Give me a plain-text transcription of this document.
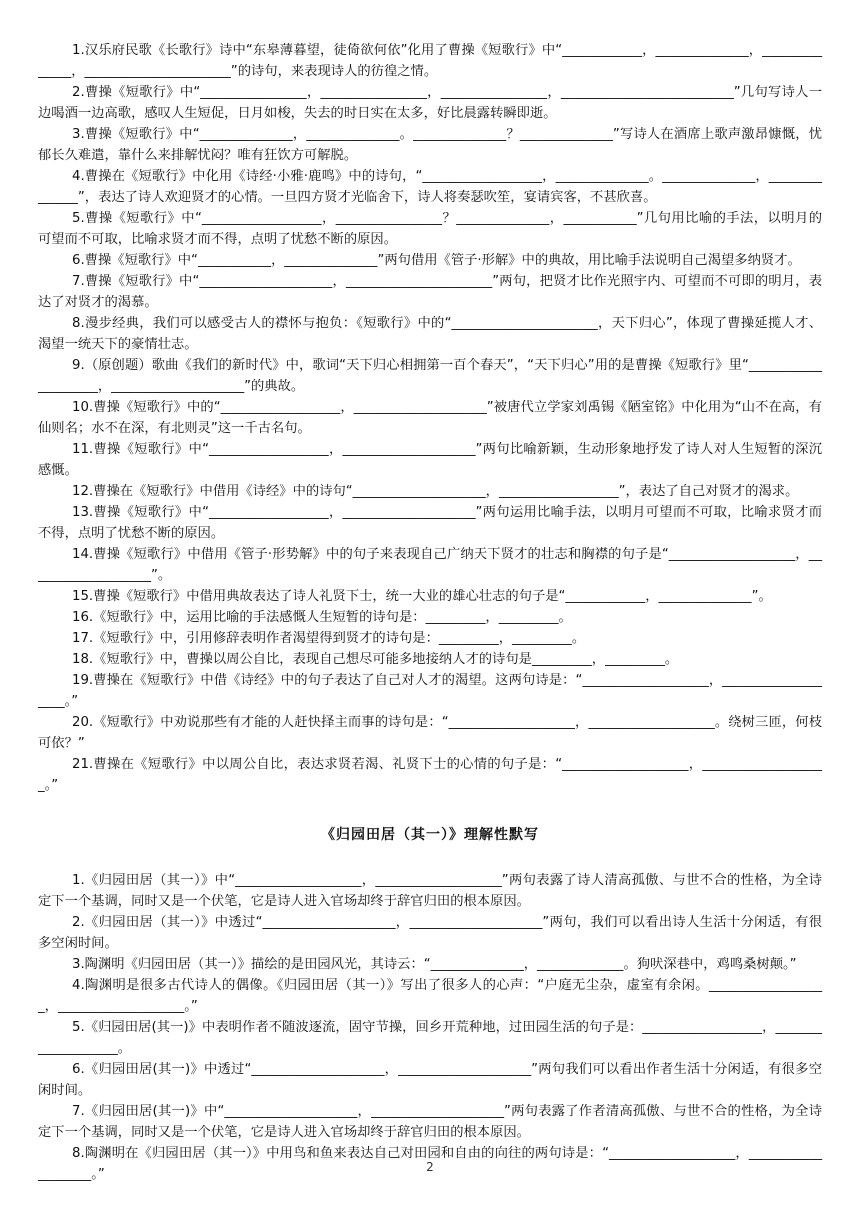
1.汉乐府民歌《长歌行》诗中“东皋薄暮望，徒倚欲何依”化用了曹操《短歌行》中“____________，______________，______________，______________________”的诗句，来表现诗人的彷徨之情。

2.曹操《短歌行》中“________________，________________，________________，__________________________”几句写诗人一边喝酒一边高歌，感叹人生短促，日月如梭，失去的时日实在太多，好比晨露转瞬即逝。

3.曹操《短歌行》中“______________，______________。______________？______________”写诗人在酒席上歌声激昂慷慨，忧郁长久难遣，靠什么来排解忧闷？唯有狂饮方可解脱。

4.曹操在《短歌行》中化用《诗经·小雅·鹿鸣》中的诗句，“__________________，______________。______________，______________”，表达了诗人欢迎贤才的心情。一旦四方贤才光临舍下，诗人将奏瑟吹笙，宴请宾客，不甚欣喜。

5.曹操《短歌行》中“__________________，________________？______________，___________”几句用比喻的手法，以明月的可望而不可取，比喻求贤才而不得，点明了忧愁不断的原因。

6.曹操《短歌行》中“___________，______________”两句借用《管子·形解》中的典故，用比喻手法说明自己渴望多纳贤才。

7.曹操《短歌行》中“____________________，______________________”两句，把贤才比作光照宇内、可望而不可即的明月，表达了对贤才的渴慕。

8.漫步经典，我们可以感受古人的襟怀与抱负：《短歌行》中的“______________________，天下归心”，体现了曹操延揽人才、渴望一统天下的豪情壮志。

9.（原创题）歌曲《我们的新时代》中，歌词“天下归心相拥第一百个春天”，“天下归心”用的是曹操《短歌行》里“____________________，____________________”的典故。

10.曹操《短歌行》中的“__________________，____________________”被唐代立学家刘禹锡《陋室铭》中化用为“山不在高，有仙则名；水不在深，有北则灵”这一千古名句。

11.曹操《短歌行》中“__________________，____________________”两句比喻新颖，生动形象地抒发了诗人对人生短暂的深沉感慨。

12.曹操在《短歌行》中借用《诗经》中的诗句“____________________，__________________”，表达了自己对贤才的渴求。

13.曹操《短歌行》中“__________________，____________________”两句运用比喻手法，以明月可望而不可取，比喻求贤才而不得，点明了忧愁不断的原因。

14.曹操《短歌行》中借用《管子·形势解》中的句子来表现自己广纳天下贤才的壮志和胸襟的句子是“___________________，___________________”。

15.曹操《短歌行》中借用典故表达了诗人礼贤下士，统一大业的雄心壮志的句子是“____________，______________”。

16.《短歌行》中，运用比喻的手法感慨人生短暂的诗句是：_________，_________。

17.《短歌行》中，引用修辞表明作者渴望得到贤才的诗句是：_________，_________。

18.《短歌行》中，曹操以周公自比，表现自己想尽可能多地接纳人才的诗句是_________，_________。

19.曹操在《短歌行》中借《诗经》中的句子表达了自己对人才的渴望。这两句诗是：“___________________，___________________。”

20.《短歌行》中劝说那些有才能的人赶快择主而事的诗句是：“___________________，___________________。绕树三匝，何枝可依？”

21.曹操在《短歌行》中以周公自比，表达求贤若渴、礼贤下士的心情的句子是：“___________________，___________________。”

《归园田居（其一）》理解性默写

1.《归园田居（其一）》中“___________________，___________________”两句表露了诗人清高孤傲、与世不合的性格，为全诗定下一个基调，同时又是一个伏笔，它是诗人进入官场却终于辞官归田的根本原因。

2.《归园田居（其一）》中透过“____________________，____________________”两句，我们可以看出诗人生活十分闲适，有很多空闲时间。

3.陶渊明《归园田居（其一）》描绘的是田园风光，其诗云：“______________，_____________。狗吠深巷中，鸡鸣桑树颠。”

4.陶渊明是很多古代诗人的偶像。《归园田居（其一）》写出了很多人的心声：“户庭无尘杂，虚室有余闲。__________________，___________________。”

5.《归园田居(其一)》中表明作者不随波逐流，固守节操，回乡开荒种地，过田园生活的句子是：__________________，___________________。

6.《归园田居(其一)》中透过“____________________，____________________”两句我们可以看出作者生活十分闲适，有很多空闲时间。

7.《归园田居(其一)》中“____________________，____________________”两句表露了作者清高孤傲、与世不合的性格，为全诗定下一个基调，同时又是一个伏笔，它是诗人进入官场却终于辞官归田的根本原因。

8.陶渊明在《归园田居（其一）》中用鸟和鱼来表达自己对田园和自由的向往的两句诗是：“___________________，___________________。”	2
